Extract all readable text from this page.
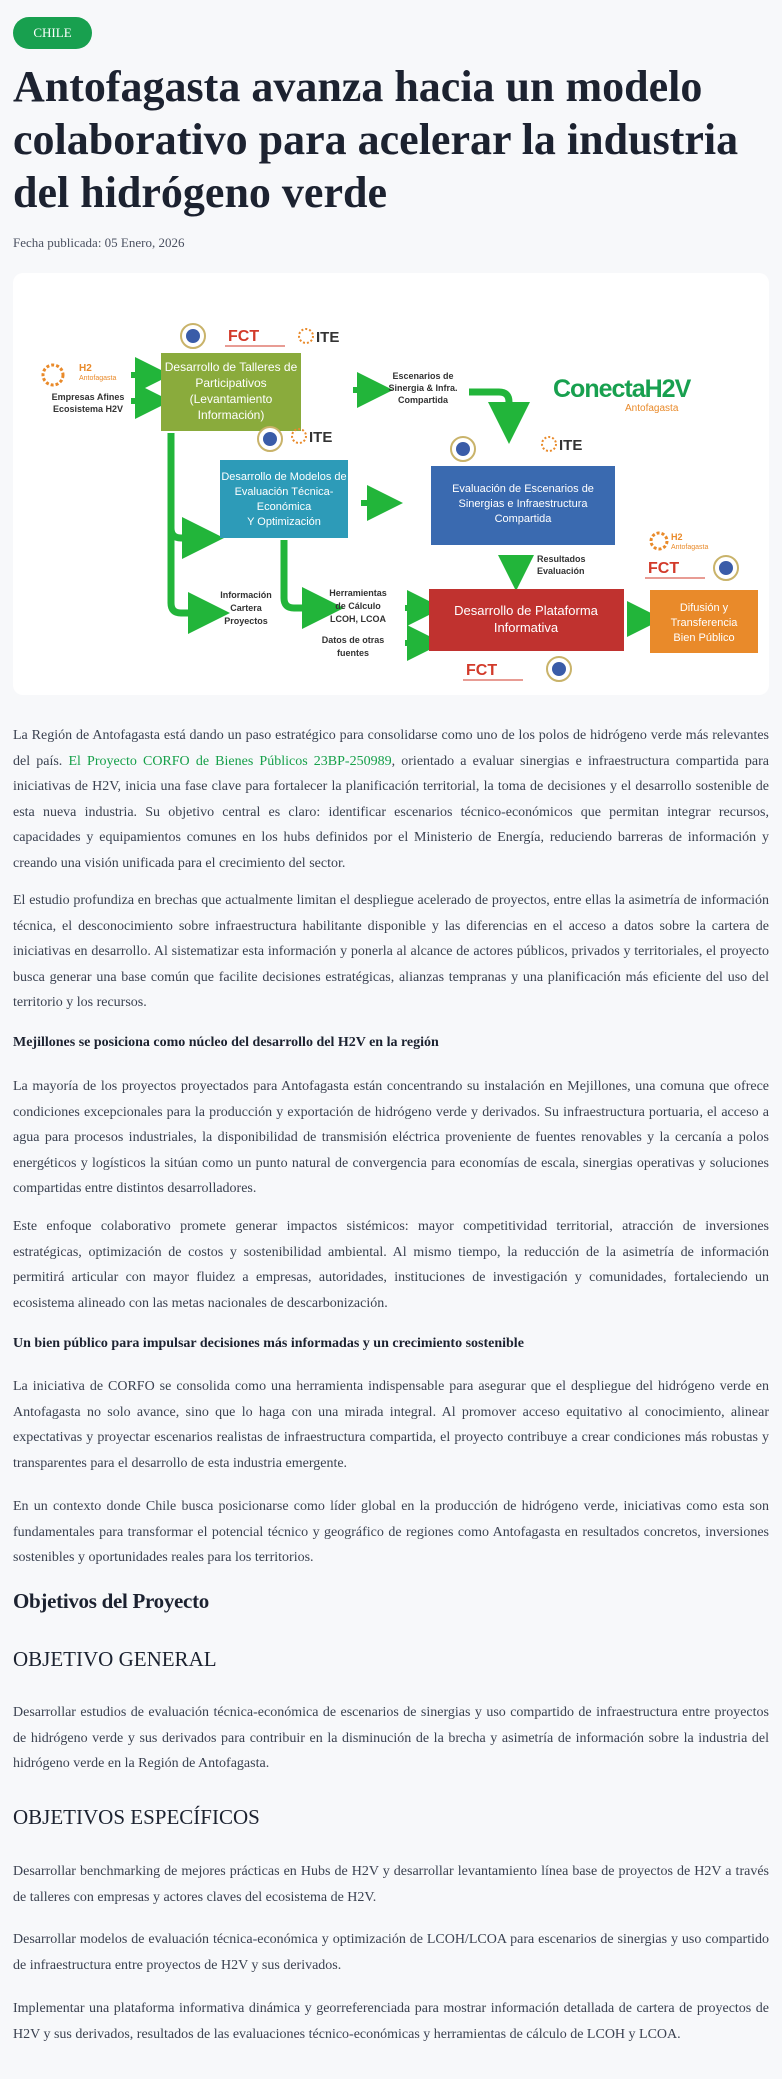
CHILE
Antofagasta avanza hacia un modelo colaborativo para acelerar la industria del hidrógeno verde
Fecha publicada: 05 Enero, 2026
H2
Antofagasta
Empresas Afines
Ecosistema H2V
FCT	ITE
Desarrollo de Talleres de
Participativos
(Levantamiento
Información)
Escenarios de
Sinergia & Infra.
Compartida	ConectaH2V
Antofagasta
ITE
Desarrollo de Modelos de
Evaluación Técnica-
Económica
Y Optimización
ITE
Evaluación de Escenarios de
Sinergias e Infraestructura
Compartida
Resultados
Evaluación
Información
Cartera
Proyectos
Herramientas
de Cálculo
LCOH, LCOA
Datos de otras
fuentes
Desarrollo de Plataforma
Informativa
FCT
H2
Antofagasta
FCT
Difusión y
Transferencia
Bien Público
La Región de Antofagasta está dando un paso estratégico para consolidarse como uno de los polos de hidrógeno verde más relevantes del país. El Proyecto CORFO de Bienes Públicos 23BP-250989, orientado a evaluar sinergias e infraestructura compartida para iniciativas de H2V, inicia una fase clave para fortalecer la planificación territorial, la toma de decisiones y el desarrollo sostenible de esta nueva industria. Su objetivo central es claro: identificar escenarios técnico-económicos que permitan integrar recursos, capacidades y equipamientos comunes en los hubs definidos por el Ministerio de Energía, reduciendo barreras de información y creando una visión unificada para el crecimiento del sector.
El estudio profundiza en brechas que actualmente limitan el despliegue acelerado de proyectos, entre ellas la asimetría de información técnica, el desconocimiento sobre infraestructura habilitante disponible y las diferencias en el acceso a datos sobre la cartera de iniciativas en desarrollo. Al sistematizar esta información y ponerla al alcance de actores públicos, privados y territoriales, el proyecto busca generar una base común que facilite decisiones estratégicas, alianzas tempranas y una planificación más eficiente del uso del territorio y los recursos.
Mejillones se posiciona como núcleo del desarrollo del H2V en la región
La mayoría de los proyectos proyectados para Antofagasta están concentrando su instalación en Mejillones, una comuna que ofrece condiciones excepcionales para la producción y exportación de hidrógeno verde y derivados. Su infraestructura portuaria, el acceso a agua para procesos industriales, la disponibilidad de transmisión eléctrica proveniente de fuentes renovables y la cercanía a polos energéticos y logísticos la sitúan como un punto natural de convergencia para economías de escala, sinergias operativas y soluciones compartidas entre distintos desarrolladores.
Este enfoque colaborativo promete generar impactos sistémicos: mayor competitividad territorial, atracción de inversiones estratégicas, optimización de costos y sostenibilidad ambiental. Al mismo tiempo, la reducción de la asimetría de información permitirá articular con mayor fluidez a empresas, autoridades, instituciones de investigación y comunidades, fortaleciendo un ecosistema alineado con las metas nacionales de descarbonización.
Un bien público para impulsar decisiones más informadas y un crecimiento sostenible
La iniciativa de CORFO se consolida como una herramienta indispensable para asegurar que el despliegue del hidrógeno verde en Antofagasta no solo avance, sino que lo haga con una mirada integral. Al promover acceso equitativo al conocimiento, alinear expectativas y proyectar escenarios realistas de infraestructura compartida, el proyecto contribuye a crear condiciones más robustas y transparentes para el desarrollo de esta industria emergente.
En un contexto donde Chile busca posicionarse como líder global en la producción de hidrógeno verde, iniciativas como esta son fundamentales para transformar el potencial técnico y geográfico de regiones como Antofagasta en resultados concretos, inversiones sostenibles y oportunidades reales para los territorios.
Objetivos del Proyecto
OBJETIVO GENERAL
Desarrollar estudios de evaluación técnica-económica de escenarios de sinergias y uso compartido de infraestructura entre proyectos de hidrógeno verde y sus derivados para contribuir en la disminución de la brecha y asimetría de información sobre la industria del hidrógeno verde en la Región de Antofagasta.
OBJETIVOS ESPECÍFICOS
Desarrollar benchmarking de mejores prácticas en Hubs de H2V y desarrollar levantamiento línea base de proyectos de H2V a través de talleres con empresas y actores claves del ecosistema de H2V.
Desarrollar modelos de evaluación técnica-económica y optimización de LCOH/LCOA para escenarios de sinergias y uso compartido de infraestructura entre proyectos de H2V y sus derivados.
Implementar una plataforma informativa dinámica y georreferenciada para mostrar información detallada de cartera de proyectos de H2V y sus derivados, resultados de las evaluaciones técnico-económicas y herramientas de cálculo de LCOH y LCOA.
